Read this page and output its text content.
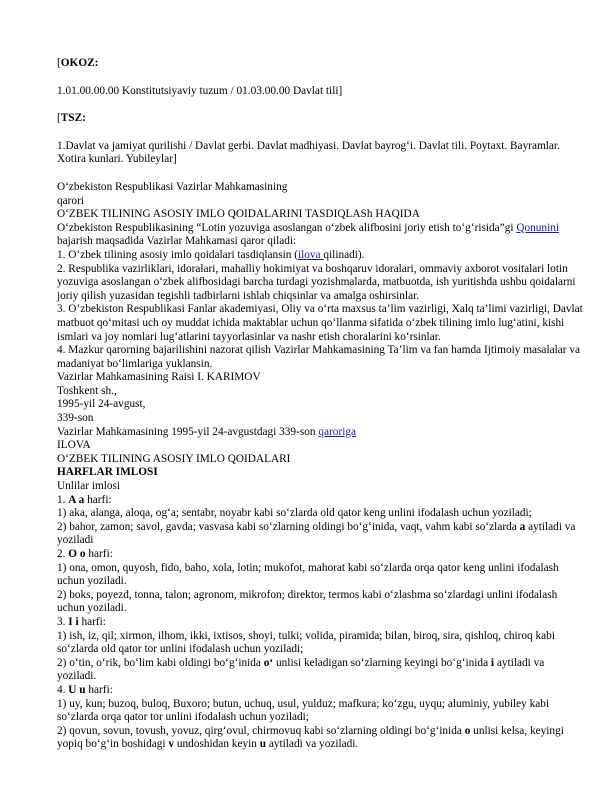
[OKOZ:

1.01.00.00.00 Konstitutsiyaviy tuzum / 01.03.00.00 Davlat tili]

[TSZ:

1.Davlat va jamiyat qurilishi / Davlat gerbi. Davlat madhiyasi. Davlat bayrog‘i. Davlat tili. Poytaxt. Bayramlar. Xotira kunlari. Yubileylar]

O‘zbekiston Respublikasi Vazirlar Mahkamasining

qarori

O‘ZBEK TILINING ASOSIY IMLO QOIDALARINI TASDIQLASh HAQIDA

O‘zbekiston Respublikasining “Lotin yozuviga asoslangan o‘zbek alifbosini joriy etish to‘g‘risida”gi Qonunini bajarish maqsadida Vazirlar Mahkamasi qaror qiladi:

1. O‘zbek tilining asosiy imlo qoidalari tasdiqlansin (ilova qilinadi).

2. Respublika vazirliklari, idoralari, mahalliy hokimiyat va boshqaruv idoralari, ommaviy axborot vositalari lotin yozuviga asoslangan o‘zbek alifbosidagi barcha turdagi yozishmalarda, matbuotda, ish yuritishda ushbu qoidalarni joriy qilish yuzasidan tegishli tadbirlarni ishlab chiqsinlar va amalga oshirsinlar.

3. O‘zbekiston Respublikasi Fanlar akademiyasi, Oliy va o‘rta maxsus ta’lim vazirligi, Xalq ta’limi vazirligi, Davlat matbuot qo‘mitasi uch oy muddat ichida maktablar uchun qo‘llanma sifatida o‘zbek tilining imlo lug‘atini, kishi ismlari va joy nomlari lug‘atlarini tayyorlasinlar va nashr etish choralarini ko‘rsinlar.

4. Mazkur qarorning bajarilishini nazorat qilish Vazirlar Mahkamasining Ta’lim va fan hamda Ijtimoiy masalalar va madaniyat bo‘limlariga yuklansin.

Vazirlar Mahkamasining Raisi I. KARIMOV

Toshkent sh.,

1995-yil 24-avgust,

339-son

Vazirlar Mahkamasining 1995-yil 24-avgustdagi 339-son qaroriga

ILOVA

O‘ZBEK TILINING ASOSIY IMLO QOIDALARI

HARFLAR IMLOSI

Unlilar imlosi

1. A a harfi:

1) aka, alanga, aloqa, og‘a; sentabr, noyabr kabi so‘zlarda old qator keng unlini ifodalash uchun yoziladi;

2) bahor, zamon; savol, gavda; vasvasa kabi so‘zlarning oldingi bo‘g‘inida, vaqt, vahm kabi so‘zlarda a aytiladi va yoziladi

2. O o harfi:

1) ona, omon, quyosh, fido, baho, xola, lotin; mukofot, mahorat kabi so‘zlarda orqa qator keng unlini ifodalash uchun yoziladi.

2) boks, poyezd, tonna, talon; agronom, mikrofon; direktor, termos kabi o‘zlashma so‘zlardagi unlini ifodalash uchun yoziladi.

3. I i harfi:

1) ish, iz, qil; xirmon, ilhom, ikki, ixtisos, shoyi, tulki; volida, piramida; bilan, biroq, sira, qishloq, chiroq kabi so‘zlarda old qator tor unlini ifodalash uchun yoziladi;

2) o‘tin, o‘rik, bo‘lim kabi oldingi bo‘g‘inida o‘ unlisi keladigan so‘zlarning keyingi bo‘g‘inida i aytiladi va yoziladi.

4. U u harfi:

1) uy, kun; buzoq, buloq, Buxoro; butun, uchuq, usul, yulduz; mafkura; ko‘zgu, uyqu; aluminiy, yubiley kabi so‘zlarda orqa qator tor unlini ifodalash uchun yoziladi;

2) qovun, sovun, tovush, yovuz, qirg‘ovul, chirmovuq kabi so‘zlarning oldingi bo‘g‘inida o unlisi kelsa, keyingi yopiq bo‘g‘in boshidagi v undoshidan keyin u aytiladi va yoziladi.
